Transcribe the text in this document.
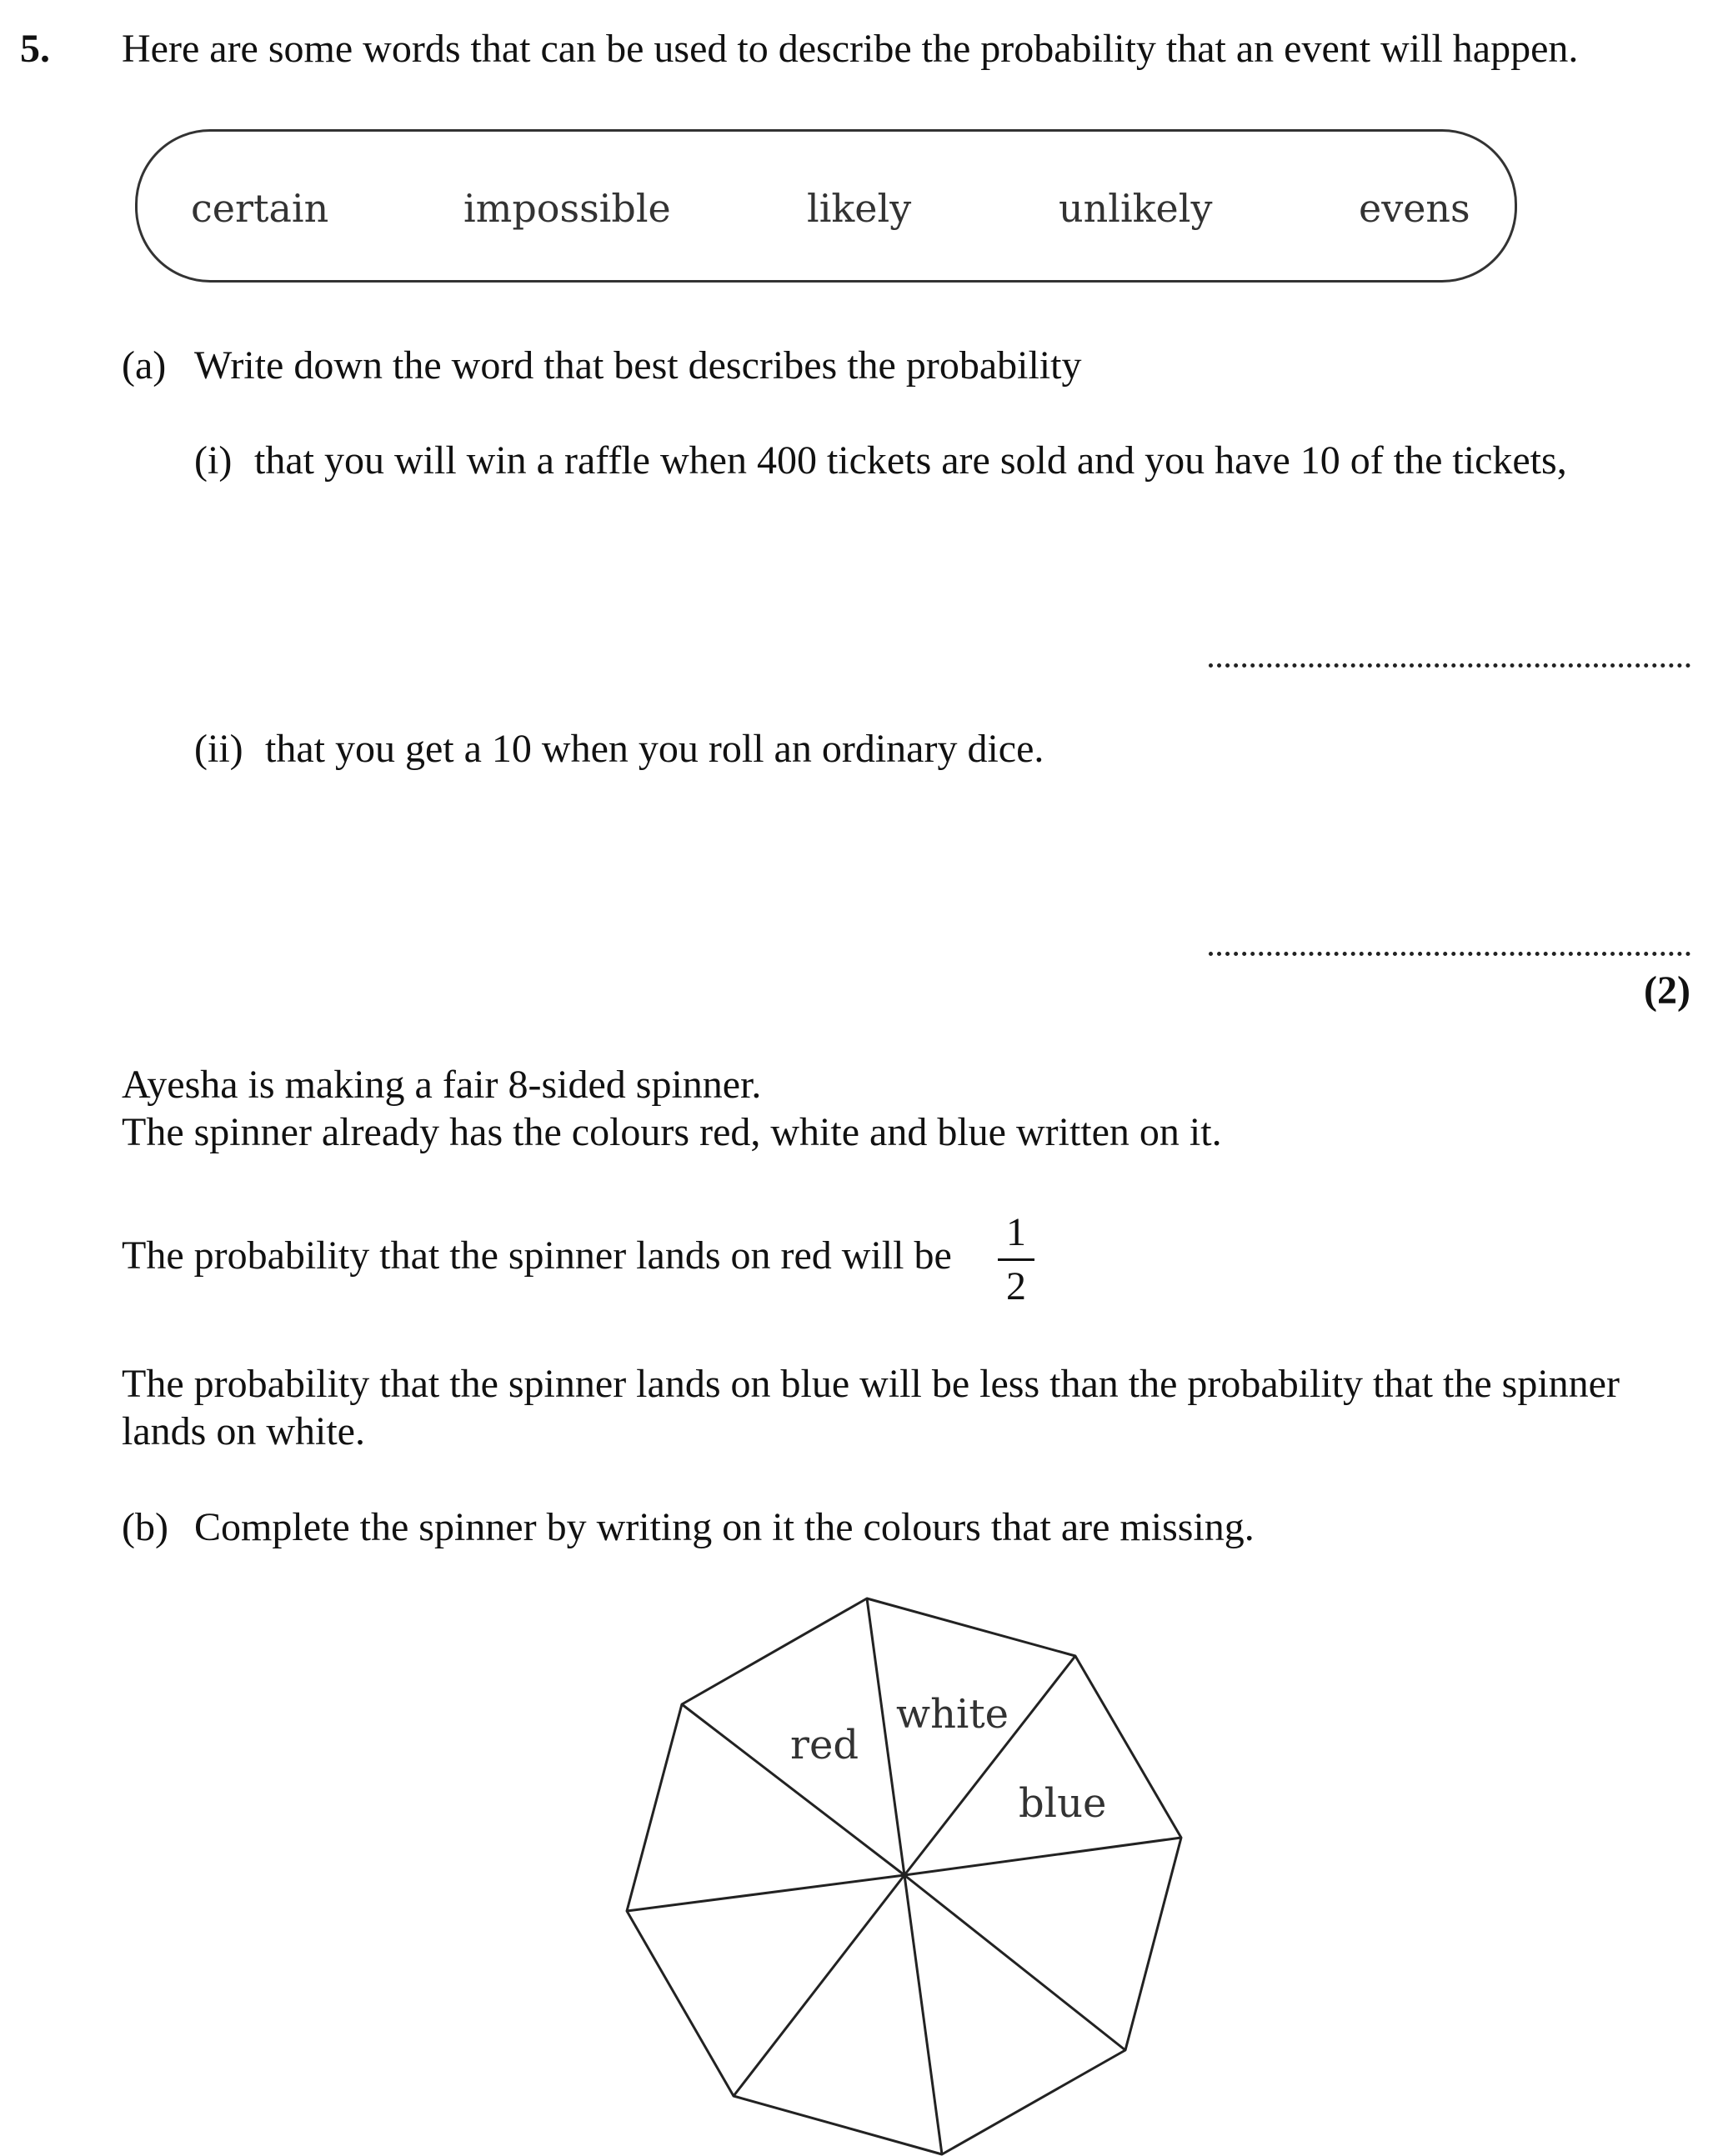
5. Here are some words that can be used to describe the probability that an event will happen.
certain	impossible	likely	unlikely	evens
(a) Write down the word that best describes the probability
(i) that you will win a raffle when 400 tickets are sold and you have 10 of the tickets,
(ii) that you get a 10 when you roll an ordinary dice.
(2)
Ayesha is making a fair 8-sided spinner.
The spinner already has the colours red, white and blue written on it.
The probability that the spinner lands on red will be
1
2
The probability that the spinner lands on blue will be less than the probability that the spinner
lands on white.
(b) Complete the spinner by writing on it the colours that are missing.
red
white
blue
